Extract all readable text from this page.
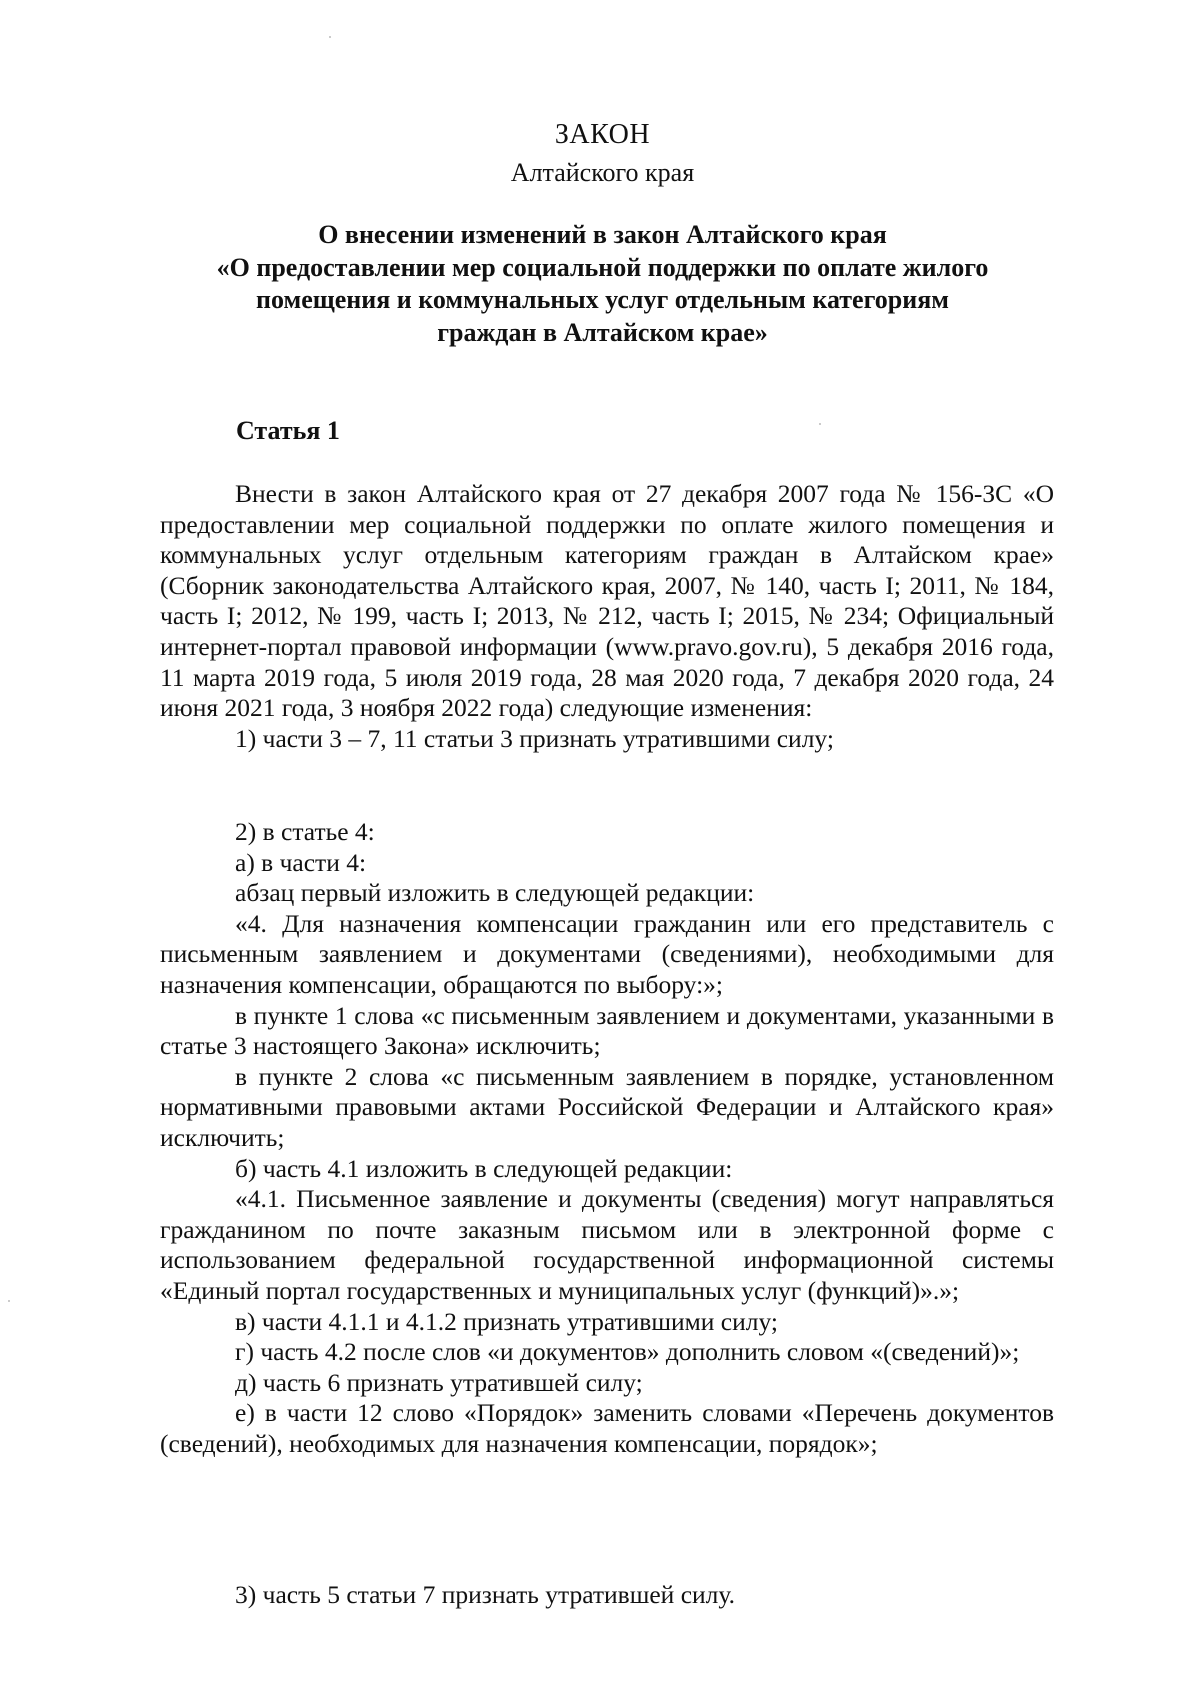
ЗАКОН
Алтайского края
О внесении изменений в закон Алтайского края
«О предоставлении мер социальной поддержки по оплате жилого
помещения и коммунальных услуг отдельным категориям
граждан в Алтайском крае»
Статья 1

Внести в закон Алтайского края от 27 декабря 2007 года № 156-ЗС «О предоставлении мер социальной поддержки по оплате жилого помещения и коммунальных услуг отдельным категориям граждан в Алтайском крае» (Сборник законодательства Алтайского края, 2007, № 140, часть I; 2011, № 184, часть I; 2012, № 199, часть I; 2013, № 212, часть I; 2015, № 234; Официальный интернет-портал правовой информации (www.pravo.gov.ru), 5 декабря 2016 года, 11 марта 2019 года, 5 июля 2019 года, 28 мая 2020 года, 7 декабря 2020 года, 24 июня 2021 года, 3 ноября 2022 года) следующие изменения:

1) части 3 – 7, 11 статьи 3 признать утратившими силу;

2) в статье 4:

а) в части 4:

абзац первый изложить в следующей редакции:

«4. Для назначения компенсации гражданин или его представитель с письменным заявлением и документами (сведениями), необходимыми для назначения компенсации, обращаются по выбору:»;

в пункте 1 слова «с письменным заявлением и документами, указанными в статье 3 настоящего Закона» исключить;

в пункте 2 слова «с письменным заявлением в порядке, установленном нормативными правовыми актами Российской Федерации и Алтайского края» исключить;

б) часть 4.1 изложить в следующей редакции:

«4.1. Письменное заявление и документы (сведения) могут направляться гражданином по почте заказным письмом или в электронной форме с использованием федеральной государственной информационной системы «Единый портал государственных и муниципальных услуг (функций)».»;

в) части 4.1.1 и 4.1.2 признать утратившими силу;

г) часть 4.2 после слов «и документов» дополнить словом «(сведений)»;

д) часть 6 признать утратившей силу;

е) в части 12 слово «Порядок» заменить словами «Перечень документов (сведений), необходимых для назначения компенсации, порядок»;

3) часть 5 статьи 7 признать утратившей силу.
